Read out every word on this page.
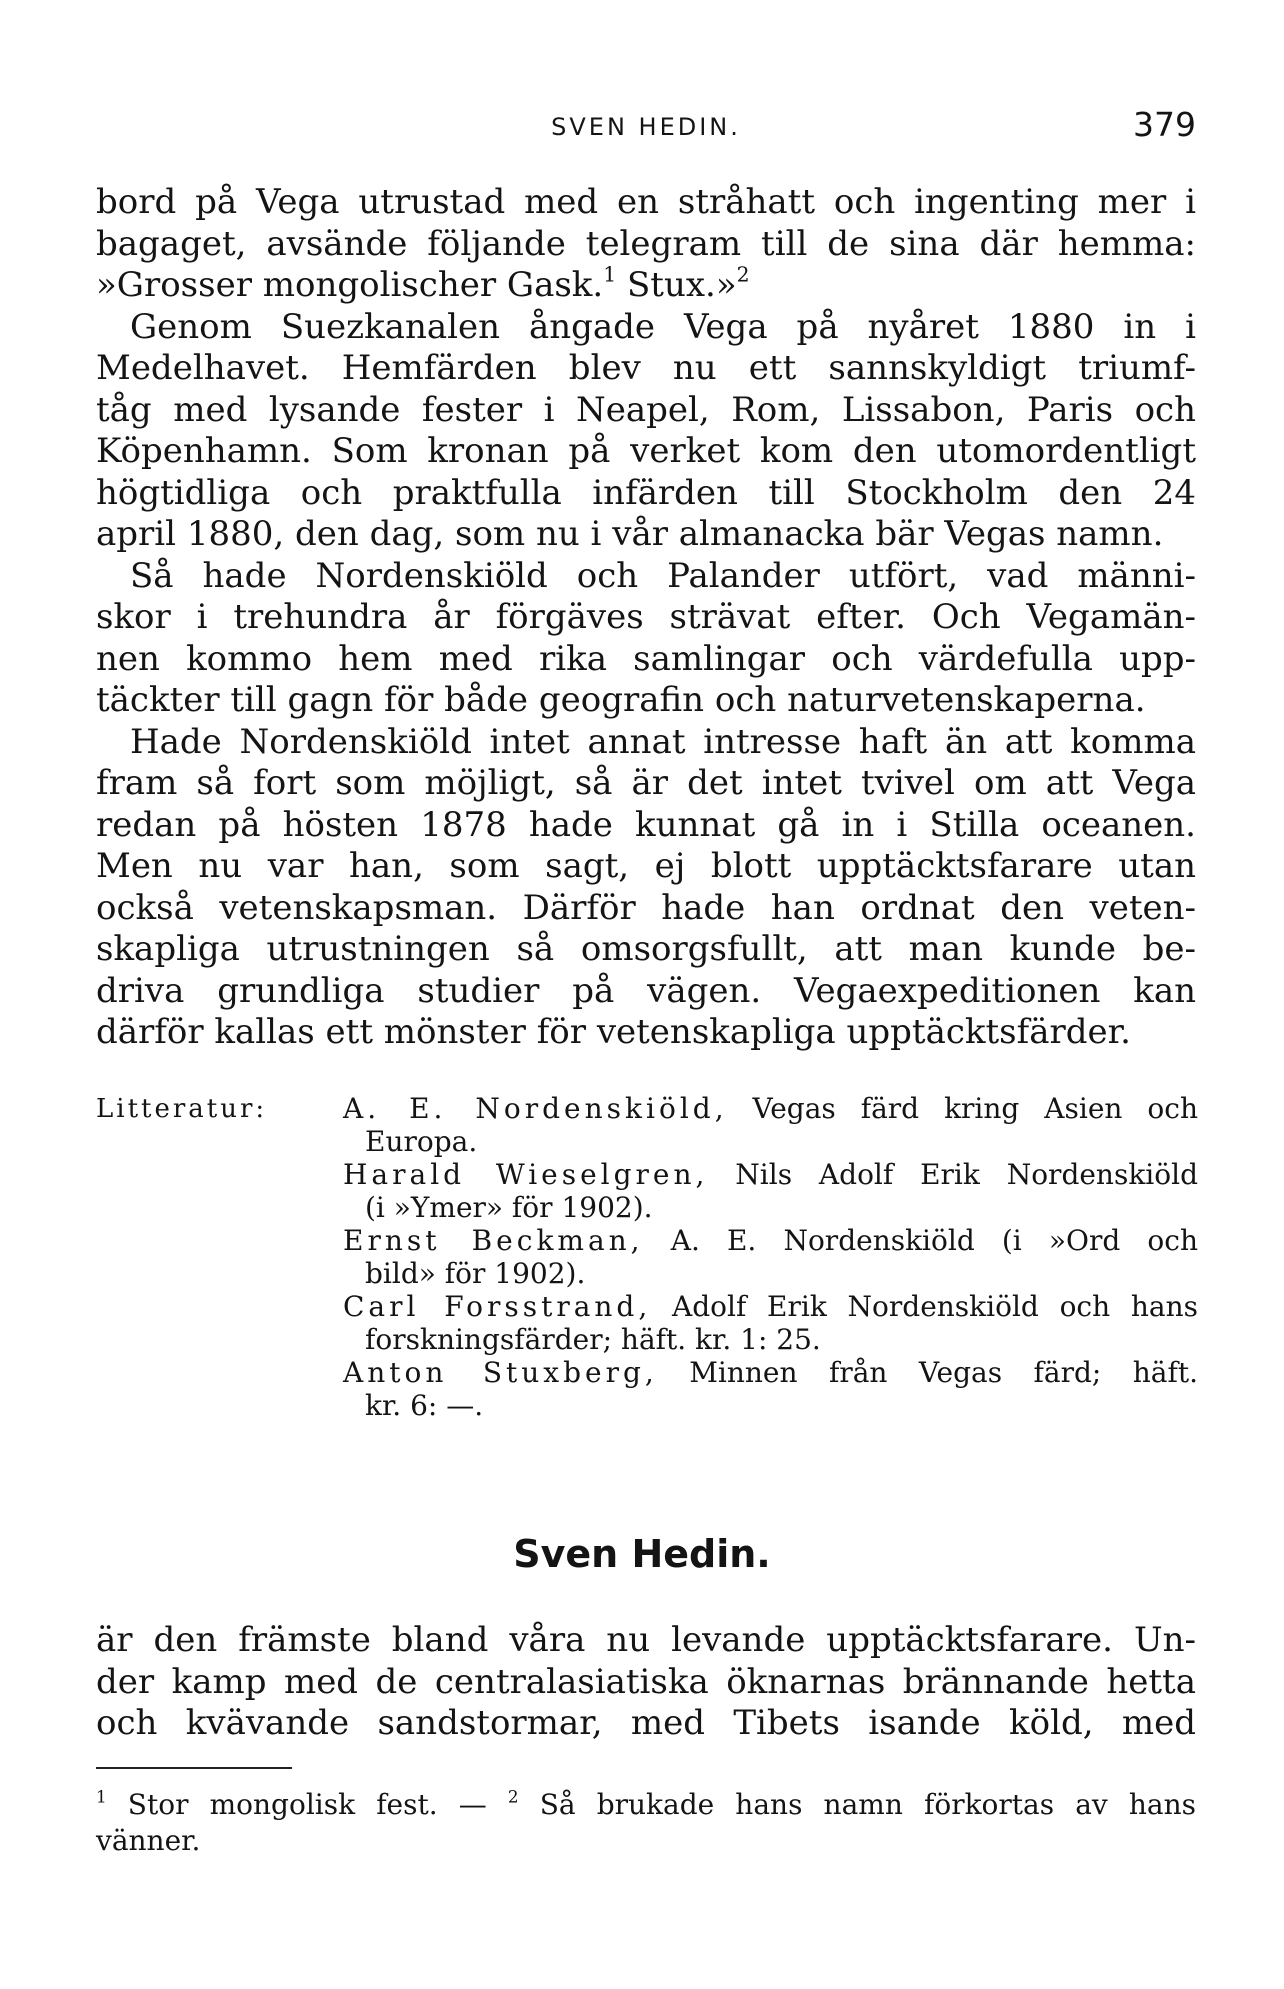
SVEN HEDIN.	379
bord på Vega utrustad med en stråhatt och ingenting mer i
bagaget, avsände följande telegram till de sina där hemma:
»Grosser mongolischer Gask.$^1$ Stux.»$^2$
Genom Suezkanalen ångade Vega på nyåret 1880 in i
Medelhavet. Hemfärden blev nu ett sannskyldigt triumf-
tåg med lysande fester i Neapel, Rom, Lissabon, Paris och
Köpenhamn. Som kronan på verket kom den utomordentligt
högtidliga och praktfulla infärden till Stockholm den 24
april 1880, den dag, som nu i vår almanacka bär Vegas namn.
Så hade Nordenskiöld och Palander utfört, vad männi-
skor i trehundra år förgäves strävat efter. Och Vegamän-
nen kommo hem med rika samlingar och värdefulla upp-
täckter till gagn för både geografin och naturvetenskaperna.
Hade Nordenskiöld intet annat intresse haft än att komma
fram så fort som möjligt, så är det intet tvivel om att Vega
redan på hösten 1878 hade kunnat gå in i Stilla oceanen.
Men nu var han, som sagt, ej blott upptäcktsfarare utan
också vetenskapsman. Därför hade han ordnat den veten-
skapliga utrustningen så omsorgsfullt, att man kunde be-
driva grundliga studier på vägen. Vegaexpeditionen kan
därför kallas ett mönster för vetenskapliga upptäcktsfärder.
Litteratur:	A. E. Nordenskiöld, Vegas färd kring Asien och
Europa.
Harald Wieselgren, Nils Adolf Erik Nordenskiöld
(i »Ymer» för 1902).
Ernst Beckman, A. E. Nordenskiöld (i »Ord och
bild» för 1902).
Carl Forsstrand, Adolf Erik Nordenskiöld och hans
forskningsfärder; häft. kr. 1: 25.
Anton Stuxberg, Minnen från Vegas färd; häft.
kr. 6: —.
Sven Hedin.
är den främste bland våra nu levande upptäcktsfarare. Un-
der kamp med de centralasiatiska öknarnas brännande hetta
och kvävande sandstormar, med Tibets isande köld, med
$^1$ Stor mongolisk fest. — $^2$ Så brukade hans namn förkortas av hans
vänner.
